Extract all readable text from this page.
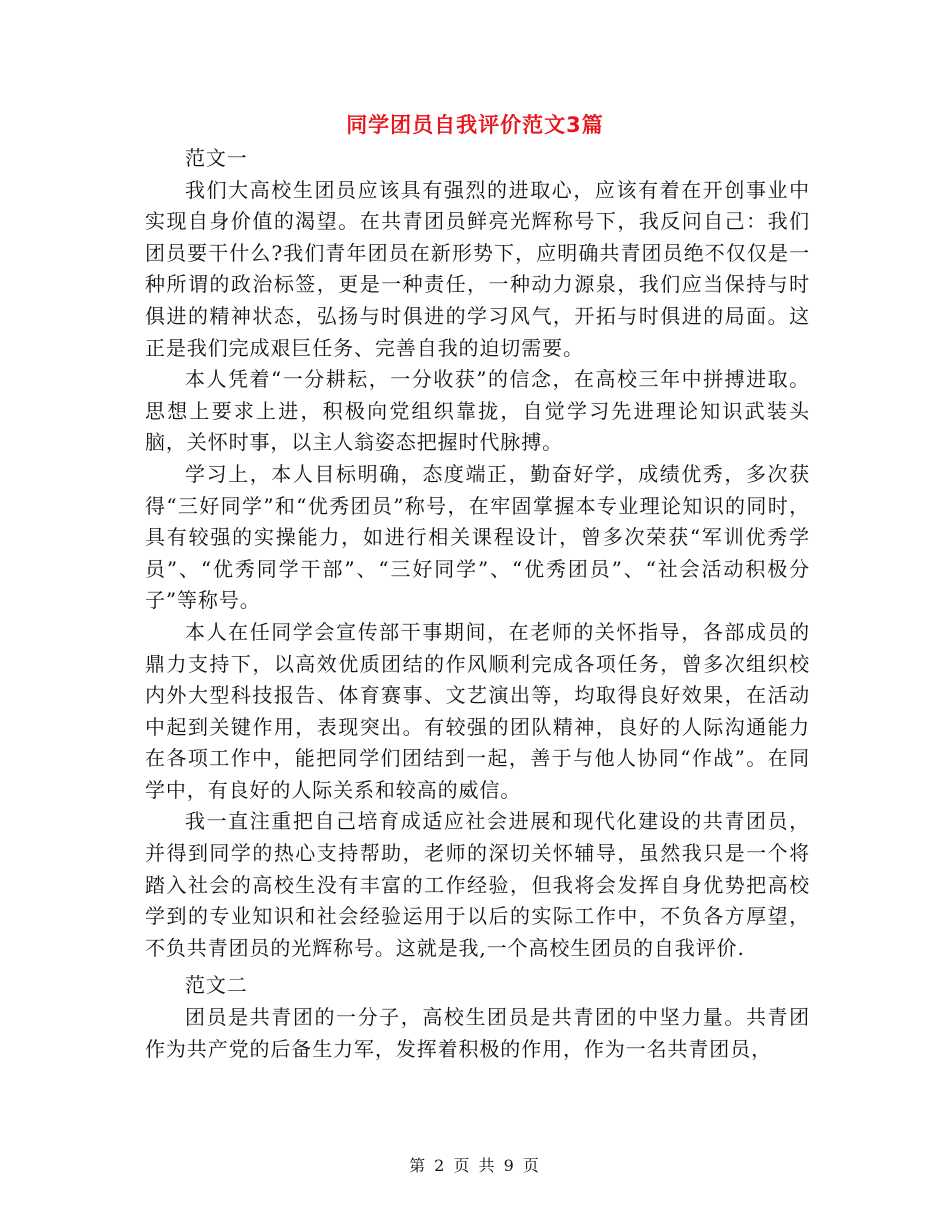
同学团员自我评价范文3篇

范文一

我们大高校生团员应该具有强烈的进取心，应该有着在开创事业中实现自身价值的渴望。在共青团员鲜亮光辉称号下，我反问自己：我们团员要干什么?我们青年团员在新形势下，应明确共青团员绝不仅仅是一种所谓的政治标签，更是一种责任，一种动力源泉，我们应当保持与时俱进的精神状态，弘扬与时俱进的学习风气，开拓与时俱进的局面。这正是我们完成艰巨任务、完善自我的迫切需要。

本人凭着“一分耕耘，一分收获”的信念，在高校三年中拼搏进取。思想上要求上进，积极向党组织靠拢，自觉学习先进理论知识武装头脑，关怀时事，以主人翁姿态把握时代脉搏。

学习上，本人目标明确，态度端正，勤奋好学，成绩优秀，多次获得“三好同学”和“优秀团员”称号，在牢固掌握本专业理论知识的同时，具有较强的实操能力，如进行相关课程设计，曾多次荣获“军训优秀学员”、“优秀同学干部”、“三好同学”、“优秀团员”、“社会活动积极分子”等称号。

本人在任同学会宣传部干事期间，在老师的关怀指导，各部成员的鼎力支持下，以高效优质团结的作风顺利完成各项任务，曾多次组织校内外大型科技报告、体育赛事、文艺演出等，均取得良好效果，在活动中起到关键作用，表现突出。有较强的团队精神，良好的人际沟通能力 在各项工作中，能把同学们团结到一起，善于与他人协同“作战”。在同学中，有良好的人际关系和较高的威信。

我一直注重把自己培育成适应社会进展和现代化建设的共青团员，并得到同学的热心支持帮助，老师的深切关怀辅导，虽然我只是一个将踏入社会的高校生没有丰富的工作经验，但我将会发挥自身优势把高校学到的专业知识和社会经验运用于以后的实际工作中，不负各方厚望，不负共青团员的光辉称号。这就是我,一个高校生团员的自我评价.

范文二

团员是共青团的一分子，高校生团员是共青团的中坚力量。共青团作为共产党的后备生力军，发挥着积极的作用，作为一名共青团员，

第 2 页 共 9 页
